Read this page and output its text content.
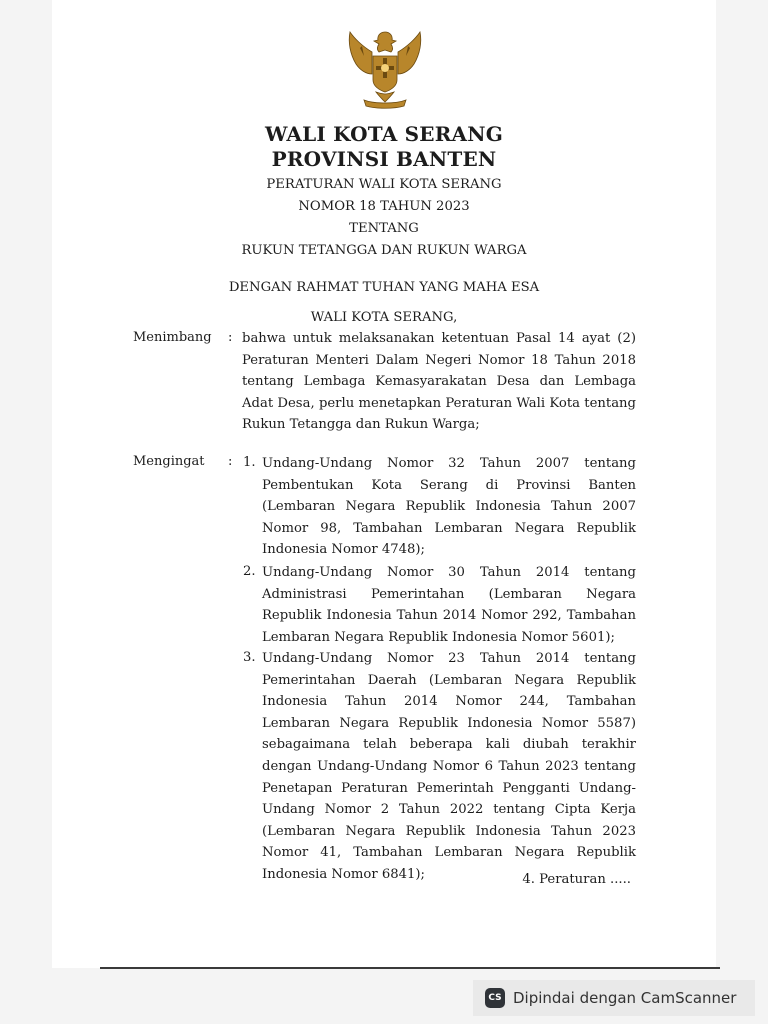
WALI KOTA SERANG
PROVINSI BANTEN
PERATURAN WALI KOTA SERANG
NOMOR 18 TAHUN 2023
TENTANG
RUKUN TETANGGA DAN RUKUN WARGA
DENGAN RAHMAT TUHAN YANG MAHA ESA
WALI KOTA SERANG,
Menimbang : bahwa untuk melaksanakan ketentuan Pasal 14 ayat (2) Peraturan Menteri Dalam Negeri Nomor 18 Tahun 2018 tentang Lembaga Kemasyarakatan Desa dan Lembaga Adat Desa, perlu menetapkan Peraturan Wali Kota tentang Rukun Tetangga dan Rukun Warga;
Mengingat : 1. Undang-Undang Nomor 32 Tahun 2007 tentang Pembentukan Kota Serang di Provinsi Banten (Lembaran Negara Republik Indonesia Tahun 2007 Nomor 98, Tambahan Lembaran Negara Republik Indonesia Nomor 4748);
2. Undang-Undang Nomor 30 Tahun 2014 tentang Administrasi Pemerintahan (Lembaran Negara Republik Indonesia Tahun 2014 Nomor 292, Tambahan Lembaran Negara Republik Indonesia Nomor 5601);
3. Undang-Undang Nomor 23 Tahun 2014 tentang Pemerintahan Daerah (Lembaran Negara Republik Indonesia Tahun 2014 Nomor 244, Tambahan Lembaran Negara Republik Indonesia Nomor 5587) sebagaimana telah beberapa kali diubah terakhir dengan Undang-Undang Nomor 6 Tahun 2023 tentang Penetapan Peraturan Pemerintah Pengganti Undang-Undang Nomor 2 Tahun 2022 tentang Cipta Kerja (Lembaran Negara Republik Indonesia Tahun 2023 Nomor 41, Tambahan Lembaran Negara Republik Indonesia Nomor 6841);	4. Peraturan .....
CS Dipindai dengan CamScanner
